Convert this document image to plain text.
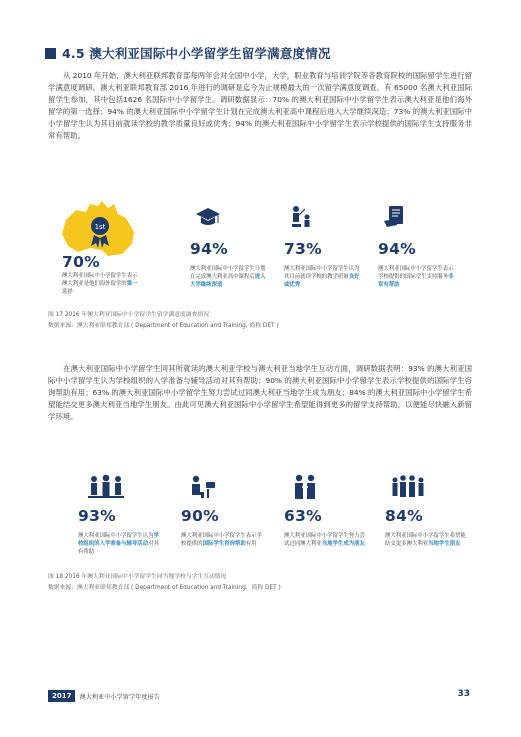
4.5 澳大利亚国际中小学留学生留学满意度情况
从 2010 年开始，澳大利亚联邦教育部每两年会对全国中小学，大学，职业教育与培训学院等各教育院校的国际留学生进行留学满意度调研。澳大利亚联邦教育部 2016 年进行的调研是迄今为止规模最大的一次留学满意度调查，有 65000 名澳大利亚国际留学生参加，其中包括1626 名国际中小学留学生。调研数据显示：70% 的澳大利亚国际中小学留学生表示澳大利亚是他们海外留学的第一选择；94% 的澳大利亚国际中小学留学生计划在完成澳大利亚高中课程后进入大学继续深造；73% 的澳大利亚国际中小学留学生认为其目前就读学校的教学质量良好或优秀；94% 的澳大利亚国际中小学留学生表示学校提供的国际学生支持服务非常有帮助。
1st
70%
澳大利亚国际中小学留学生表示澳大利亚是他们海外留学的第一选择
94%
澳大利亚国际中小学留学生计划在完成澳大利亚高中课程后进入大学继续深造
73%
澳大利亚国际中小学留学生认为其目前就读学校的教学质量良好或优秀
94%
澳大利亚国际中小学留学生表示学校提供的国际学生支持服务非常有帮助
图 17 2016 年澳大利亚国际中小学留学生留学满意度调查情况
数据来源：澳大利亚联邦教育部 ( Department of Education and Training, 简称 DET )
在澳大利亚国际中小学留学生同其所就读的澳大利亚学校与澳大利亚当地学生互动方面，调研数据表明：93% 的澳大利亚国际中小学留学生认为学校组织的入学准备与辅导活动对其有帮助；90% 的澳大利亚国际中小学留学生表示学校提供的国际学生咨询帮助有用；63% 的澳大利亚国际中小学留学生努力尝试过同澳大利亚当地学生成为朋友；84% 的澳大利亚国际中小学留学生希望能结交更多澳大利亚当地学生朋友。由此可见澳大利亚国际中小学留学生希望能得到更多的留学支持帮助，以便能尽快融入新留学环境。
93%
澳大利亚国际中小学留学生认为学校组织的入学准备与辅导活动对其有帮助
90%
澳大利亚国际中小学留学生表示学校提供的国际学生咨询帮助有用
63%
澳大利亚国际中小学留学生努力尝试过同澳大利亚当地学生成为朋友
84%
澳大利亚国际中小学留学生希望能结交更多澳大利亚当地学生朋友
图 18 2016 年澳大利亚国际中小学留学生同当地学校与学生互动情况
数据来源：澳大利亚联邦教育部 ( Department of Education and Training，简称 DET )
2017	澳大利亚中小学留学年度报告	33
